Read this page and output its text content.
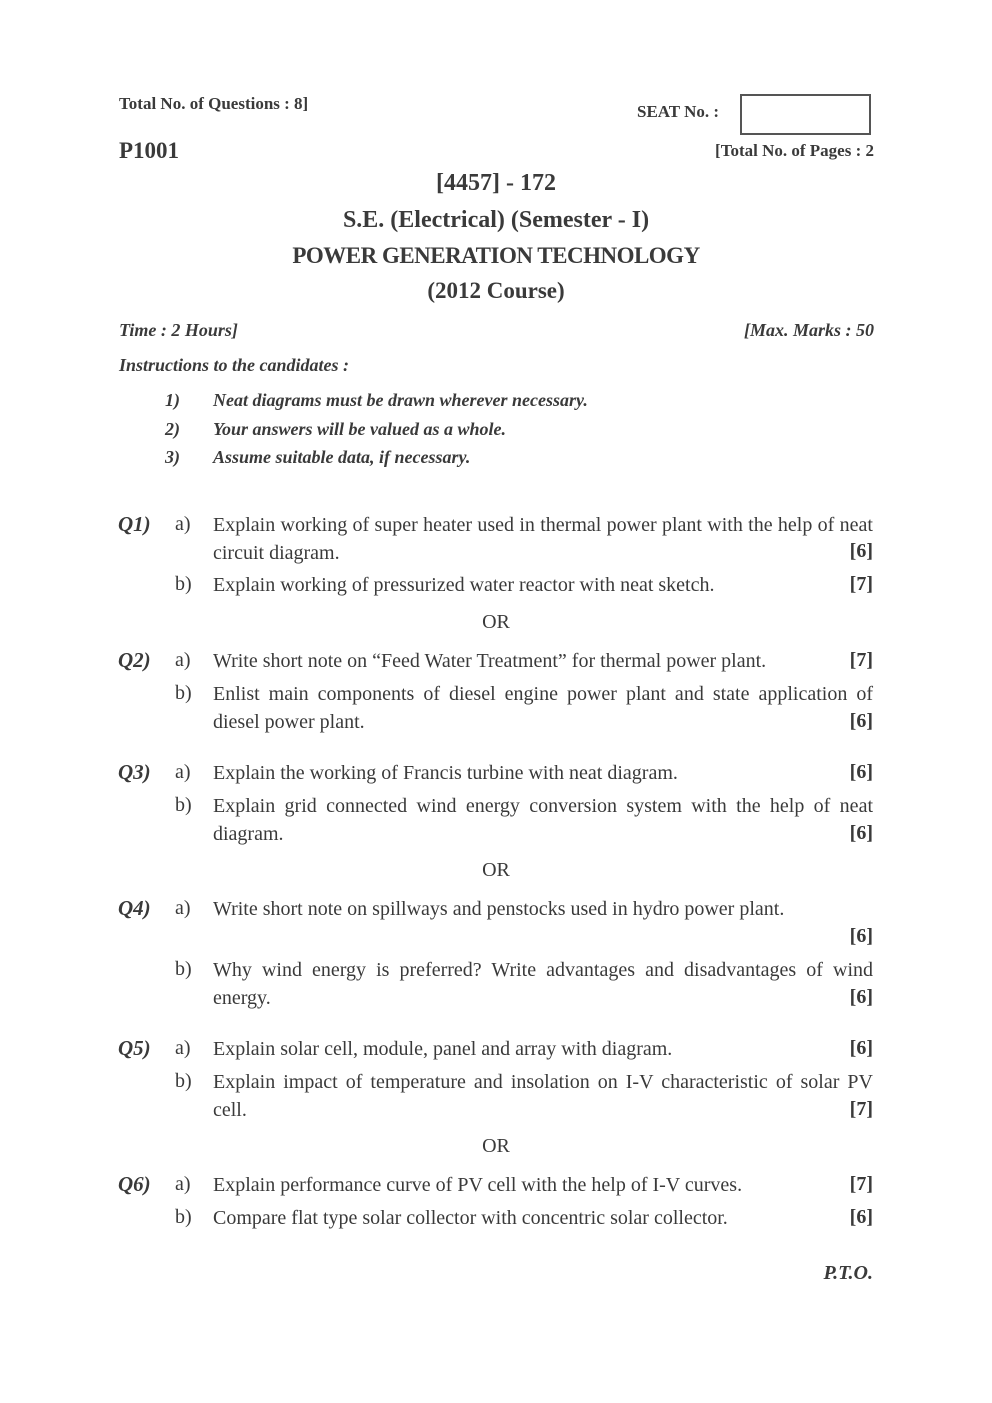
Total No. of Questions : 8]	SEAT No. :
P1001	[Total No. of Pages : 2
[4457] - 172
S.E. (Electrical) (Semester - I)
POWER GENERATION TECHNOLOGY
(2012 Course)
Time : 2 Hours]	[Max. Marks : 50
Instructions to the candidates :
1) Neat diagrams must be drawn wherever necessary.
2) Your answers will be valued as a whole.
3) Assume suitable data, if necessary.
Q1) a) Explain working of super heater used in thermal power plant with the help of neat circuit diagram.	[6]
b) Explain working of pressurized water reactor with neat sketch.	[7]
OR
Q2) a) Write short note on “Feed Water Treatment” for thermal power plant.	[7]
b) Enlist main components of diesel engine power plant and state application of diesel power plant.	[6]
Q3) a) Explain the working of Francis turbine with neat diagram.	[6]
b) Explain grid connected wind energy conversion system with the help of neat diagram.	[6]
OR
Q4) a) Write short note on spillways and penstocks used in hydro power plant.
[6]
b) Why wind energy is preferred? Write advantages and disadvantages of wind energy.	[6]
Q5) a) Explain solar cell, module, panel and array with diagram.	[6]
b) Explain impact of temperature and insolation on I-V characteristic of solar PV cell.	[7]
OR
Q6) a) Explain performance curve of PV cell with the help of I-V curves.	[7]
b) Compare flat type solar collector with concentric solar collector.	[6]
P.T.O.
